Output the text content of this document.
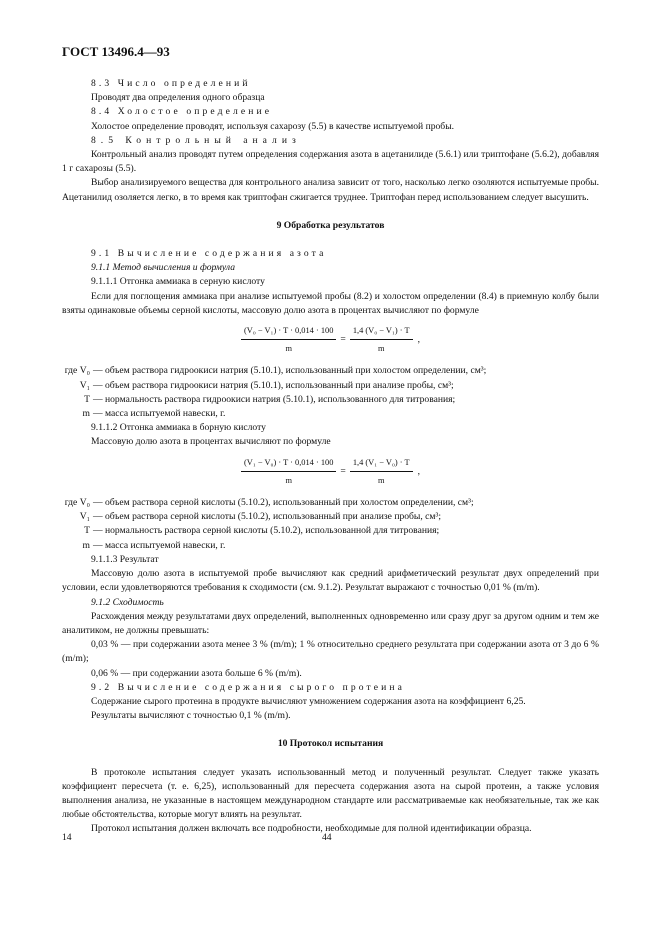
ГОСТ 13496.4—93
8.3 Число определений
Проводят два определения одного образца
8.4 Холостое определение
Холостое определение проводят, используя сахарозу (5.5) в качестве испытуемой пробы.
8.5 Контрольный анализ
Контрольный анализ проводят путем определения содержания азота в ацетанилиде (5.6.1) или триптофане (5.6.2), добавляя 1 г сахарозы (5.5).
Выбор анализируемого вещества для контрольного анализа зависит от того, насколько легко озоляются испытуемые пробы. Ацетанилид озоляется легко, в то время как триптофан сжигается труднее. Триптофан перед использованием следует высушить.
9 Обработка результатов
9.1 Вычисление содержания азота
9.1.1 Метод вычисления и формула
9.1.1.1 Отгонка аммиака в серную кислоту
Если для поглощения аммиака при анализе испытуемой пробы (8.2) и холостом определении (8.4) в приемную колбу были взяты одинаковые объемы серной кислоты, массовую долю азота в процентах вычисляют по формуле
$\frac{\text{(V₀ − V₁) · T · 0,014 · 100}}{m} = \frac{\text{1,4 (V₀ − V₁) · T}}{m}$ ,
где V₀ — объем раствора гидроокиси натрия (5.10.1), использованный при холостом определении, см³;
V₁ — объем раствора гидроокиси натрия (5.10.1), использованный при анализе пробы, см³;
T — нормальность раствора гидроокиси натрия (5.10.1), использованного для титрования;
m — масса испытуемой навески, г.
9.1.1.2 Отгонка аммиака в борную кислоту
Массовую долю азота в процентах вычисляют по формуле
$\frac{\text{(V₁ − V₀) · T · 0,014 · 100}}{m} = \frac{\text{1,4 (V₁ − V₀) · T}}{m}$ ,
где V₀ — объем раствора серной кислоты (5.10.2), использованный при холостом определении, см³;
V₁ — объем раствора серной кислоты (5.10.2), использованный при анализе пробы, см³;
T — нормальность раствора серной кислоты (5.10.2), использованной для титрования;
m — масса испытуемой навески, г.
9.1.1.3 Результат
Массовую долю азота в испытуемой пробе вычисляют как средний арифметический результат двух определений при условии, если удовлетворяются требования к сходимости (см. 9.1.2). Результат выражают с точностью 0,01 % (m/m).
9.1.2 Сходимость
Расхождения между результатами двух определений, выполненных одновременно или сразу друг за другом одним и тем же аналитиком, не должны превышать:
0,03 % — при содержании азота менее 3 % (m/m); 1 % относительно среднего результата при содержании азота от 3 до 6 % (m/m);
0,06 % — при содержании азота больше 6 % (m/m).
9.2 Вычисление содержания сырого протеина
Содержание сырого протеина в продукте вычисляют умножением содержания азота на коэффициент 6,25.
Результаты вычисляют с точностью 0,1 % (m/m).
10 Протокол испытания
В протоколе испытания следует указать использованный метод и полученный результат. Следует также указать коэффициент пересчета (т. е. 6,25), использованный для пересчета содержания азота на сырой протеин, а также условия выполнения анализа, не указанные в настоящем международном стандарте или рассматриваемые как необязательные, так же как любые обстоятельства, которые могут влиять на результат.
Протокол испытания должен включать все подробности, необходимые для полной идентификации образца.
14	44
